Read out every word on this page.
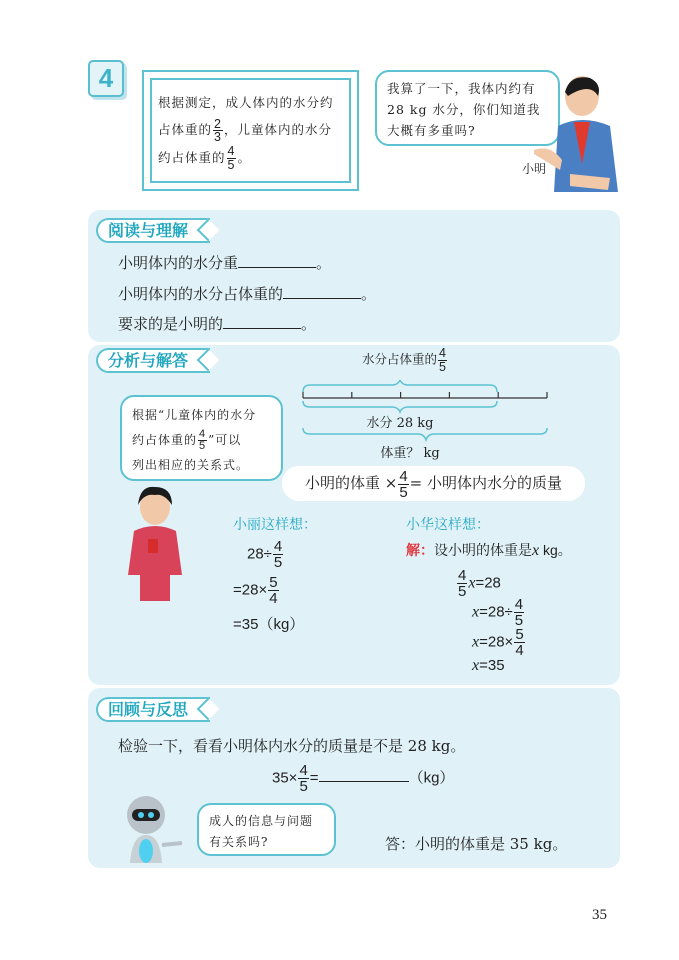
4
根据测定，成人体内的水分约
占体重的 $\frac{2}{3}$ ，儿童体内的水分
约占体重的 $\frac{4}{5}$ 。
我算了一下，我体内约有
28 kg 水分，你们知道我
大概有多重吗?
小明
阅读与理解
小明体内的水分重	。
小明体内的水分占体重的	。
要求的是小明的	。
分析与解答	水分占体重的 $\frac{4}{5}$
水分 28 kg
体重？ kg
根据“儿童体内的水分
约占体重的 $\frac{4}{5}$ ”可以
列出相应的关系式。
小明的体重 × $\frac{4}{5}$ = 小明体内水分的质量
小丽这样想：
$28\div \frac{4}{5}$
$=28\times \frac{5}{4}$
=35（kg）
小华这样想：
解：设小明的体重是x kg。
$\frac{4}{5} x=28$
$x=28\div \frac{4}{5}$
$x=28\times \frac{5}{4}$
x=35
回顾与反思
检验一下，看看小明体内水分的质量是不是 28 kg。
$35\times \frac{4}{5}$ =	（kg）
成人的信息与问题
有关系吗?	答：小明的体重是 35 kg。
35
